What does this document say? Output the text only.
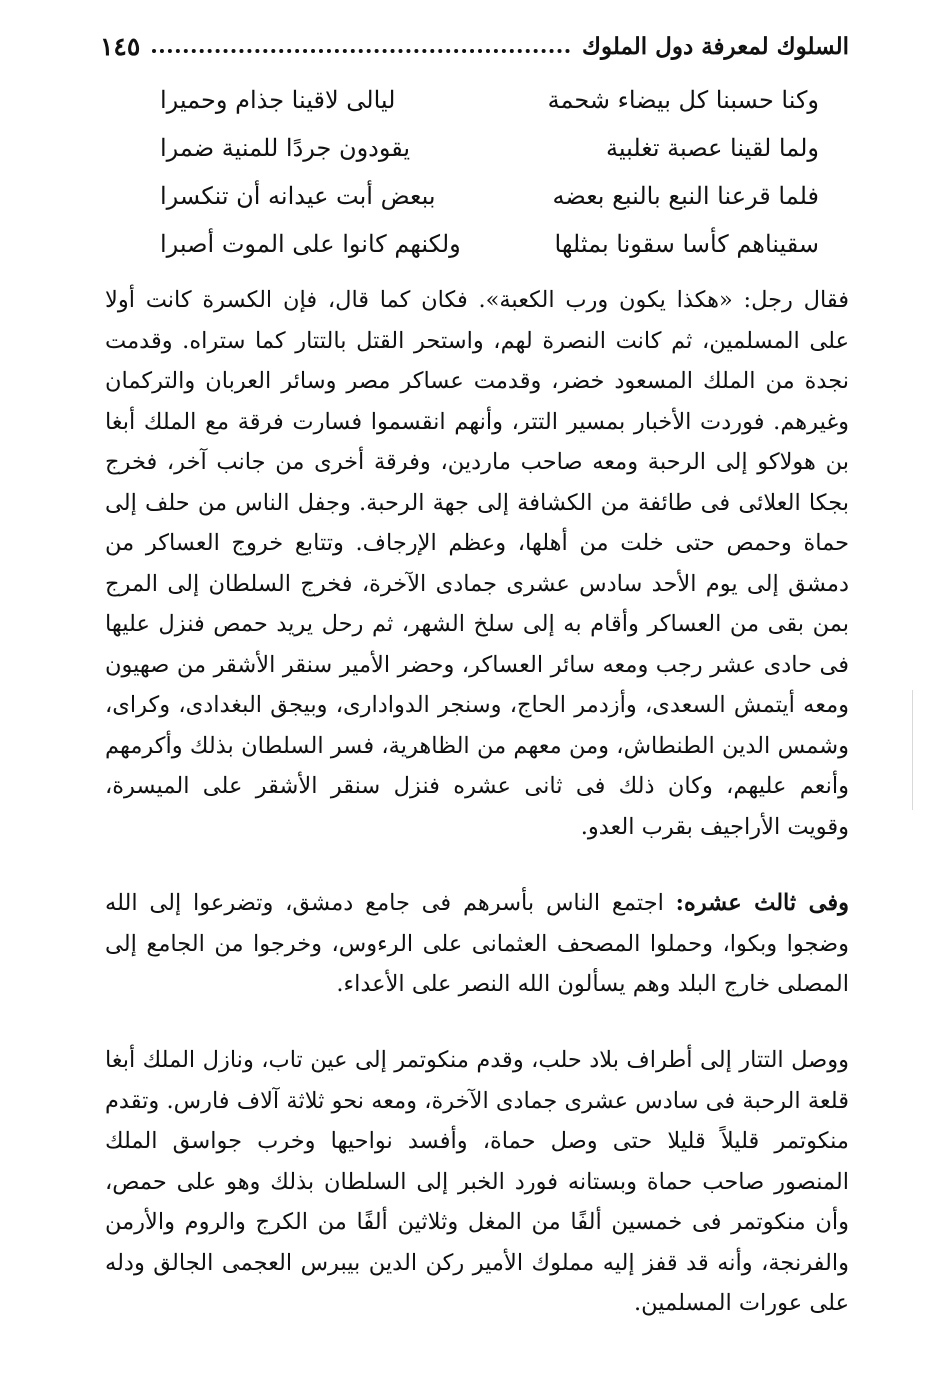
السلوك لمعرفة دول الملوك
١٤٥
وكنا حسبنا كل بيضاء شحمة
ليالى لاقينا جذام وحميرا
ولما لقينا عصبة تغلبية
يقودون جردًا للمنية ضمرا
فلما قرعنا النبع بالنبع بعضه
ببعض أبت عيدانه أن تنكسرا
سقيناهم كأسا سقونا بمثلها
ولكنهم كانوا على الموت أصبرا

فقال رجل: «هكذا يكون ورب الكعبة». فكان كما قال، فإن الكسرة كانت أولا على المسلمين، ثم كانت النصرة لهم، واستحر القتل بالتتار كما ستراه. وقدمت نجدة من الملك المسعود خضر، وقدمت عساكر مصر وسائر العربان والتركمان وغيرهم. فوردت الأخبار بمسير التتر، وأنهم انقسموا فسارت فرقة مع الملك أبغا بن هولاكو إلى الرحبة ومعه صاحب ماردين، وفرقة أخرى من جانب آخر، فخرج بجكا العلائى فى طائفة من الكشافة إلى جهة الرحبة. وجفل الناس من حلف إلى حماة وحمص حتى خلت من أهلها، وعظم الإرجاف. وتتابع خروج العساكر من دمشق إلى يوم الأحد سادس عشرى جمادى الآخرة، فخرج السلطان إلى المرج بمن بقى من العساكر وأقام به إلى سلخ الشهر، ثم رحل يريد حمص فنزل عليها فى حادى عشر رجب ومعه سائر العساكر، وحضر الأمير سنقر الأشقر من صهيون ومعه أيتمش السعدى، وأزدمر الحاج، وسنجر الدوادارى، وبيجق البغدادى، وكراى، وشمس الدين الطنطاش، ومن معهم من الظاهرية، فسر السلطان بذلك وأكرمهم وأنعم عليهم، وكان ذلك فى ثانى عشره فنزل سنقر الأشقر على الميسرة، وقويت الأراجيف بقرب العدو.

وفى ثالث عشره: اجتمع الناس بأسرهم فى جامع دمشق، وتضرعوا إلى الله وضجوا وبكوا، وحملوا المصحف العثمانى على الرءوس، وخرجوا من الجامع إلى المصلى خارج البلد وهم يسألون الله النصر على الأعداء.

ووصل التتار إلى أطراف بلاد حلب، وقدم منكوتمر إلى عين تاب، ونازل الملك أبغا قلعة الرحبة فى سادس عشرى جمادى الآخرة، ومعه نحو ثلاثة آلاف فارس. وتقدم منكوتمر قليلاً قليلا حتى وصل حماة، وأفسد نواحيها وخرب جواسق الملك المنصور صاحب حماة وبستانه فورد الخبر إلى السلطان بذلك وهو على حمص، وأن منكوتمر فى خمسين ألفًا من المغل وثلاثين ألفًا من الكرج والروم والأرمن والفرنجة، وأنه قد قفز إليه مملوك الأمير ركن الدين بيبرس العجمى الجالق ودله على عورات المسلمين.
